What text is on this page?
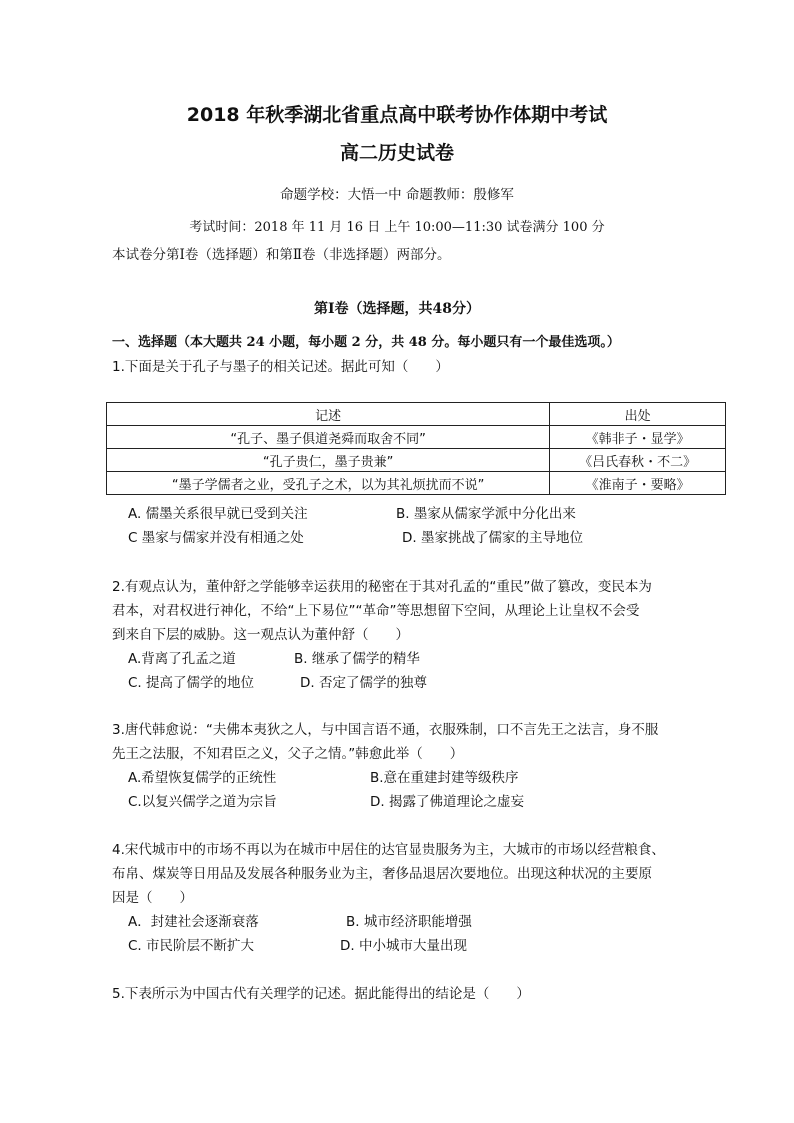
2018 年秋季湖北省重点高中联考协作体期中考试
高二历史试卷
命题学校：大悟一中 命题教师：殷修军
考试时间：2018 年 11 月 16 日 上午 10:00—11:30 试卷满分 100 分
本试卷分第Ⅰ卷（选择题）和第Ⅱ卷（非选择题）两部分。
第Ⅰ卷（选择题，共48分）
一、选择题（本大题共 24 小题，每小题 2 分，共 48 分。每小题只有一个最佳选项。）
1.下面是关于孔子与墨子的相关记述。据此可知（　　）
记述	出处
“孔子、墨子俱道尧舜而取舍不同”	《韩非子・显学》
“孔子贵仁，墨子贵兼”	《吕氏春秋・不二》
“墨子学儒者之业，受孔子之术，以为其礼烦扰而不说”	《淮南子・要略》
A. 儒墨关系很早就已受到关注	B. 墨家从儒家学派中分化出来
C 墨家与儒家并没有相通之处	D. 墨家挑战了儒家的主导地位
2.有观点认为，董仲舒之学能够幸运获用的秘密在于其对孔孟的“重民”做了篡改，变民本为
君本，对君权进行神化，不给“上下易位”“革命”等思想留下空间，从理论上让皇权不会受
到来自下层的威胁。这一观点认为董仲舒（　　）
A.背离了孔孟之道	B. 继承了儒学的精华
C. 提高了儒学的地位	D. 否定了儒学的独尊
3.唐代韩愈说：“夫佛本夷狄之人，与中国言语不通，衣服殊制，口不言先王之法言，身不服
先王之法服，不知君臣之义，父子之情。”韩愈此举（　　）
A.希望恢复儒学的正统性	B.意在重建封建等级秩序
C.以复兴儒学之道为宗旨	D. 揭露了佛道理论之虚妄
4.宋代城市中的市场不再以为在城市中居住的达官显贵服务为主，大城市的市场以经营粮食、
布帛、煤炭等日用品及发展各种服务业为主，奢侈品退居次要地位。出现这种状况的主要原
因是（　　）
A．封建社会逐渐衰落	B. 城市经济职能增强
C. 市民阶层不断扩大	D. 中小城市大量出现
5.下表所示为中国古代有关理学的记述。据此能得出的结论是（　　）
